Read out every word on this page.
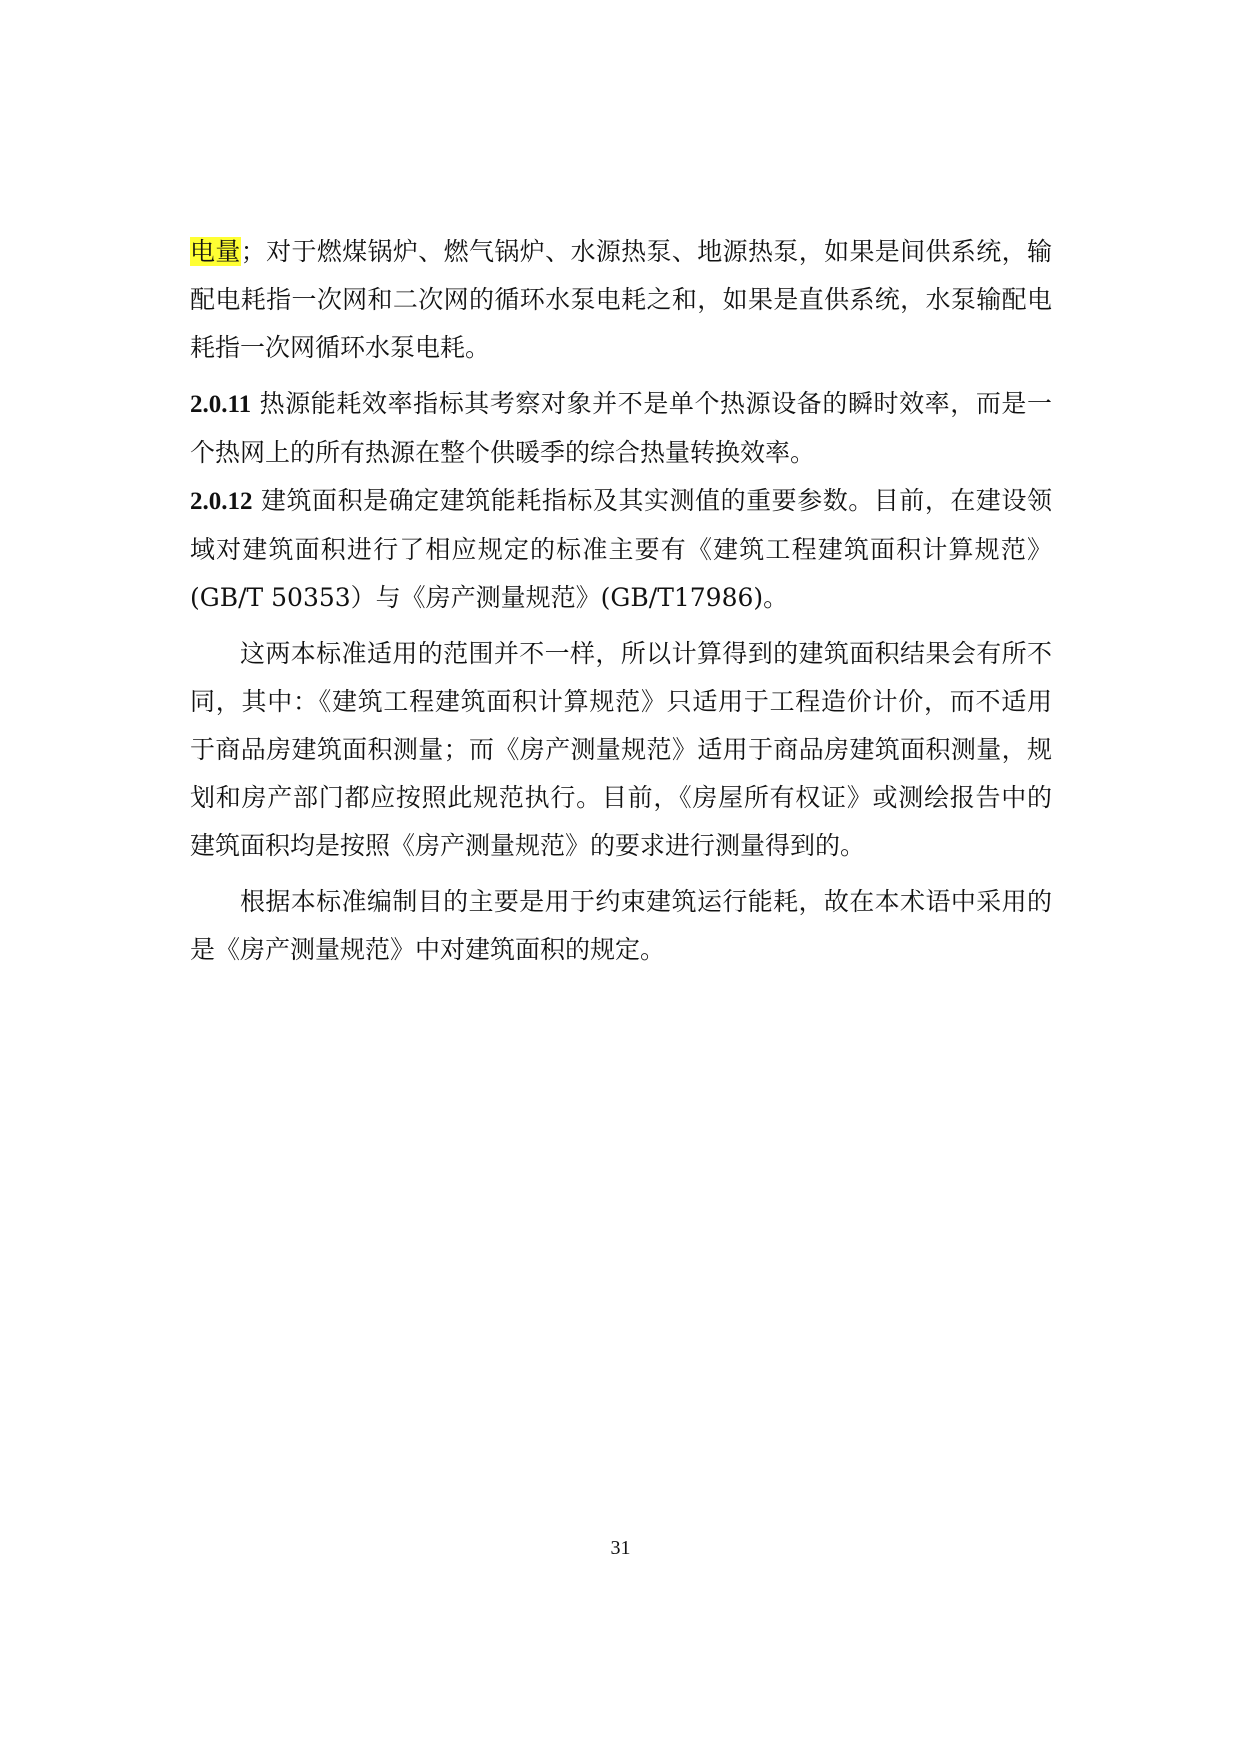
电量；对于燃煤锅炉、燃气锅炉、水源热泵、地源热泵，如果是间供系统，输配电耗指一次网和二次网的循环水泵电耗之和，如果是直供系统，水泵输配电耗指一次网循环水泵电耗。

2.0.11 热源能耗效率指标其考察对象并不是单个热源设备的瞬时效率，而是一个热网上的所有热源在整个供暖季的综合热量转换效率。

2.0.12 建筑面积是确定建筑能耗指标及其实测值的重要参数。目前，在建设领域对建筑面积进行了相应规定的标准主要有《建筑工程建筑面积计算规范》(GB/T 50353）与《房产测量规范》(GB/T17986)。

这两本标准适用的范围并不一样，所以计算得到的建筑面积结果会有所不同，其中：《建筑工程建筑面积计算规范》只适用于工程造价计价，而不适用于商品房建筑面积测量；而《房产测量规范》适用于商品房建筑面积测量，规划和房产部门都应按照此规范执行。目前，《房屋所有权证》或测绘报告中的建筑面积均是按照《房产测量规范》的要求进行测量得到的。

根据本标准编制目的主要是用于约束建筑运行能耗，故在本术语中采用的是《房产测量规范》中对建筑面积的规定。

31
